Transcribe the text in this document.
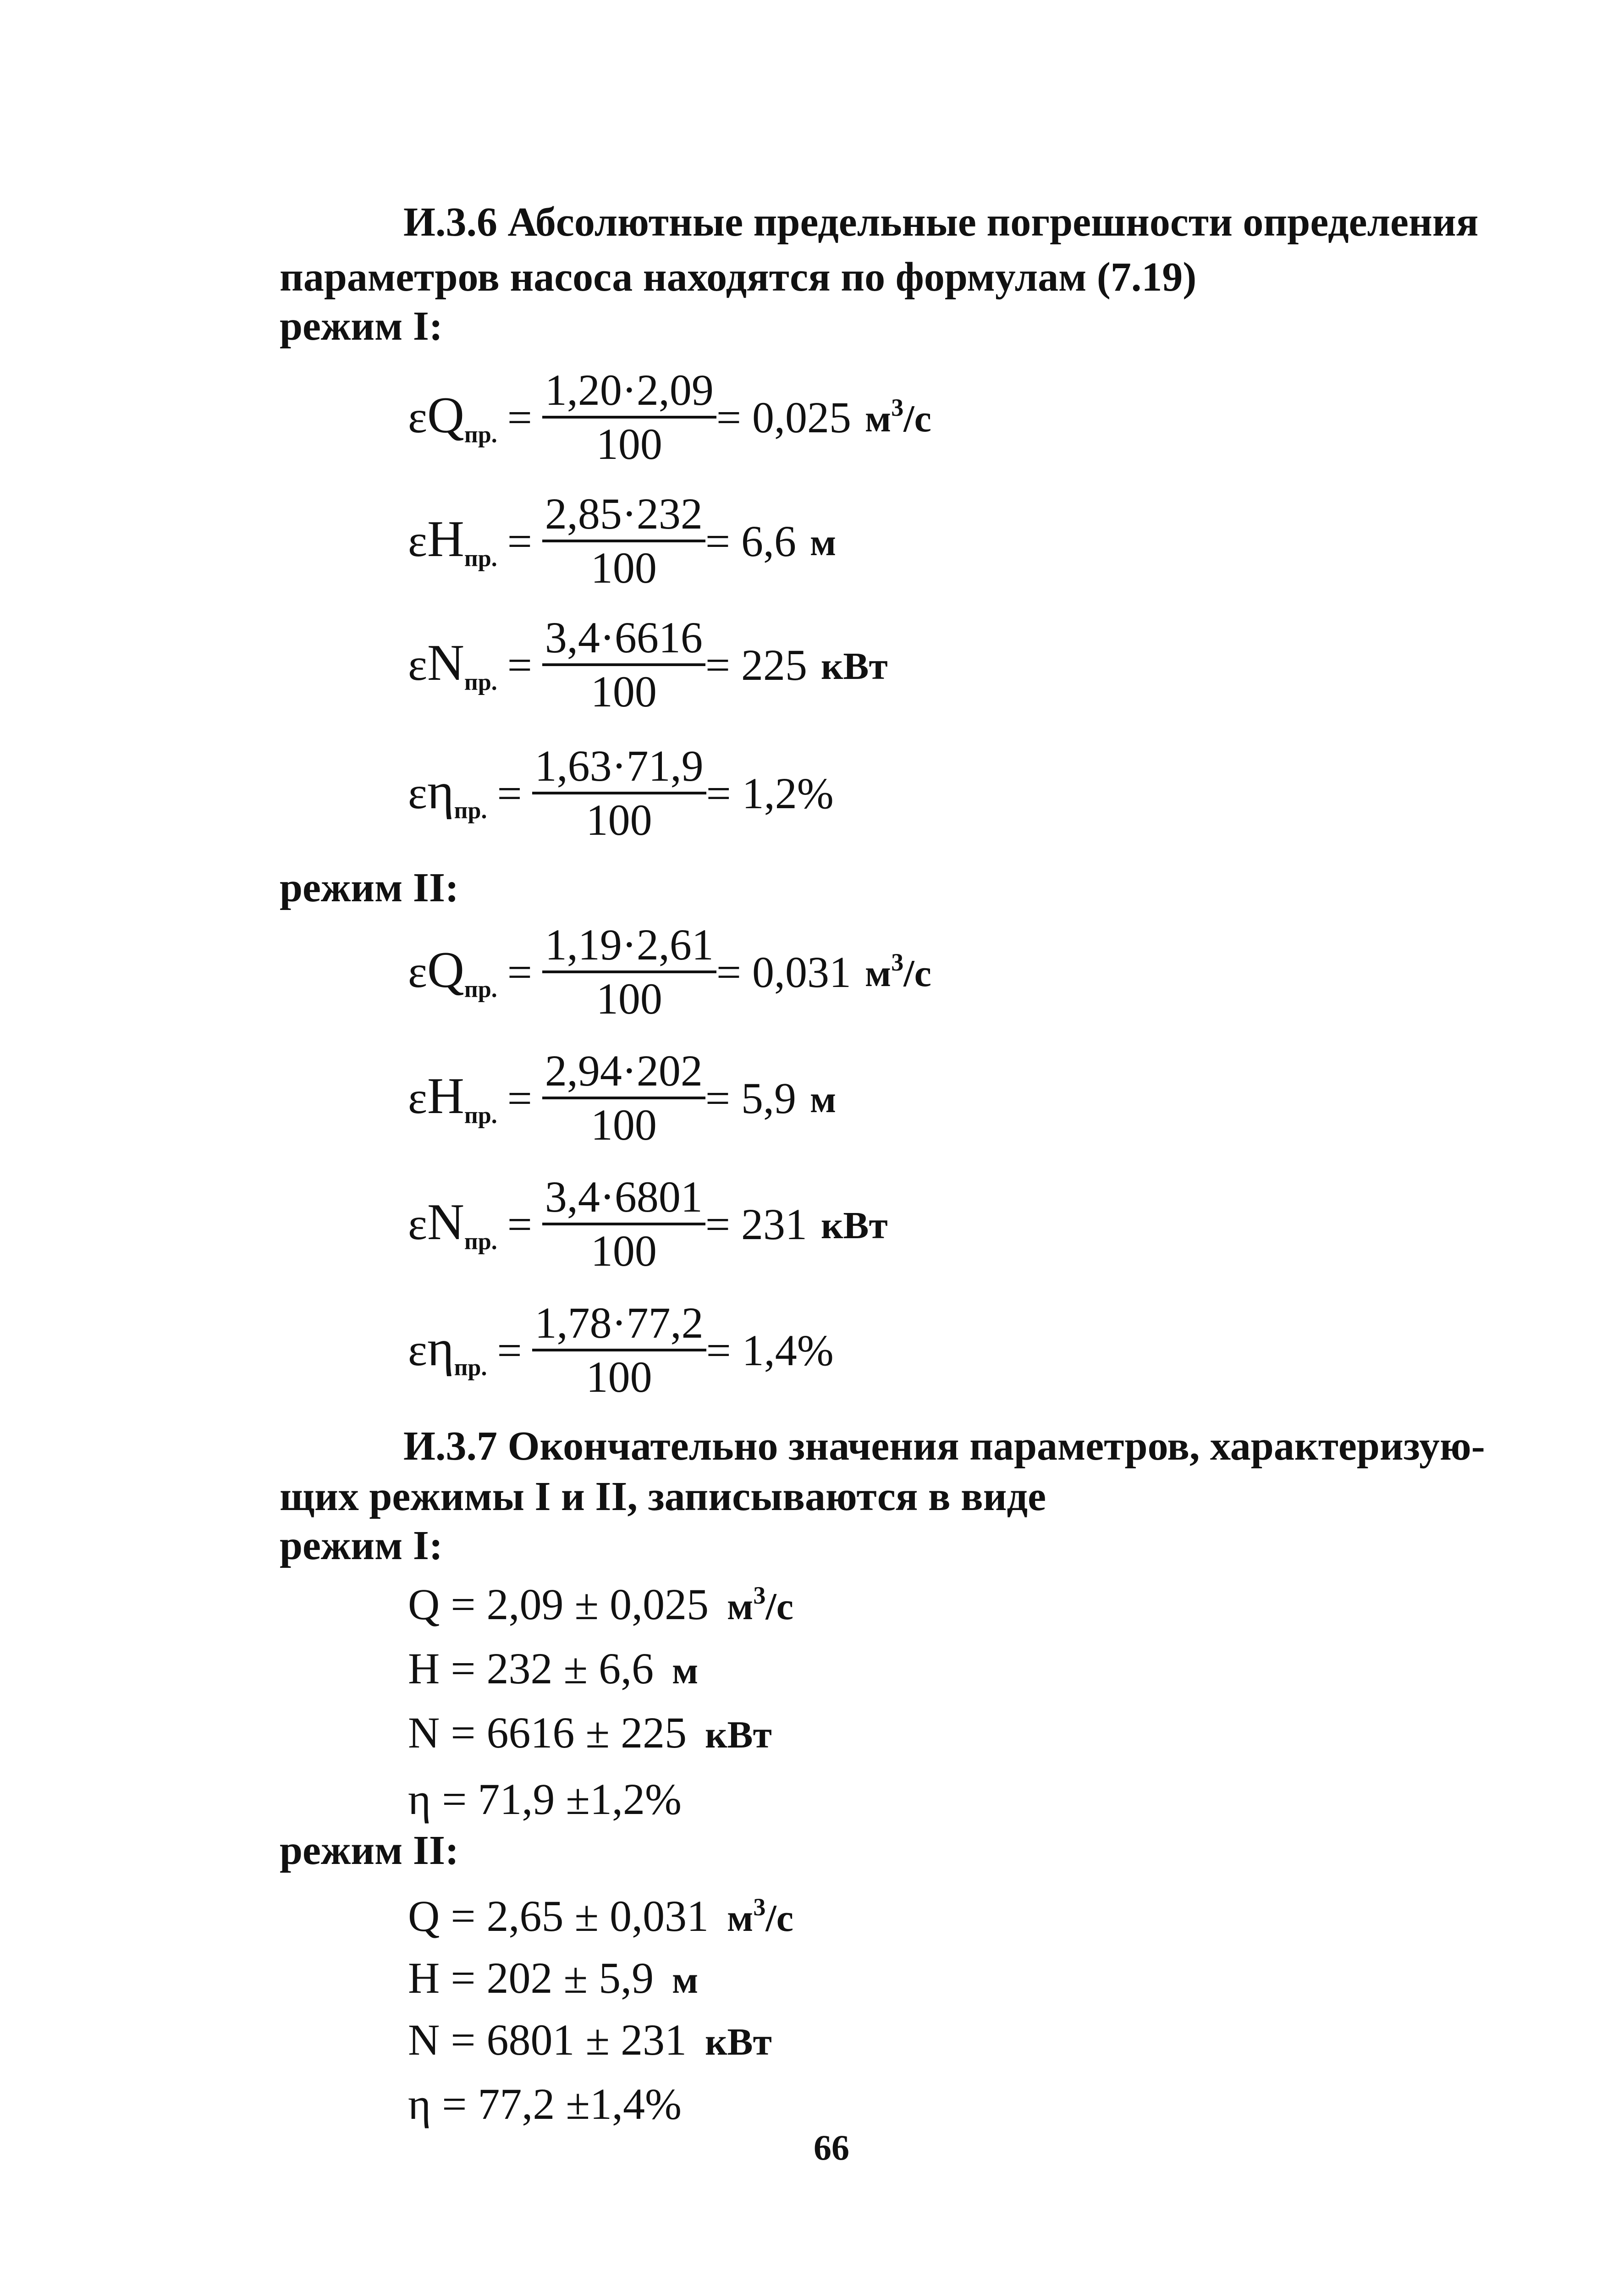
И.3.6 Абсолютные предельные погрешности определения

параметров насоса находятся по формулам (7.19)

режим I:
$\varepsilon Q_{пр.}$ =
1,20·2,09
100
= 0,025 $м^3/с$
$\varepsilon H_{пр.}$ =
2,85·232
100
= 6,6 м
$\varepsilon N_{пр.}$ =
3,4·6616
100
= 225 кВт
$\varepsilon\eta_{пр.}$ =
1,63·71,9
100
= 1,2%
режим II:
$\varepsilon Q_{пр.}$ =
1,19·2,61
100
= 0,031 $м^3/с$
$\varepsilon H_{пр.}$ =
2,94·202
100
= 5,9 м
$\varepsilon N_{пр.}$ =
3,4·6801
100
= 231 кВт
$\varepsilon\eta_{пр.}$ =
1,78·77,2
100
= 1,4%

И.3.7 Окончательно значения параметров, характеризую-

щих режимы I и II, записываются в виде

режим I:
Q = 2,09 ± 0,025 $м^3/с$
H = 232 ± 6,6 м
N = 6616 ± 225 кВт
η = 71,9 ±1,2%
режим II:
Q = 2,65 ± 0,031 $м^3/с$
H = 202 ± 5,9 м
N = 6801 ± 231 кВт
η = 77,2 ±1,4%
66
